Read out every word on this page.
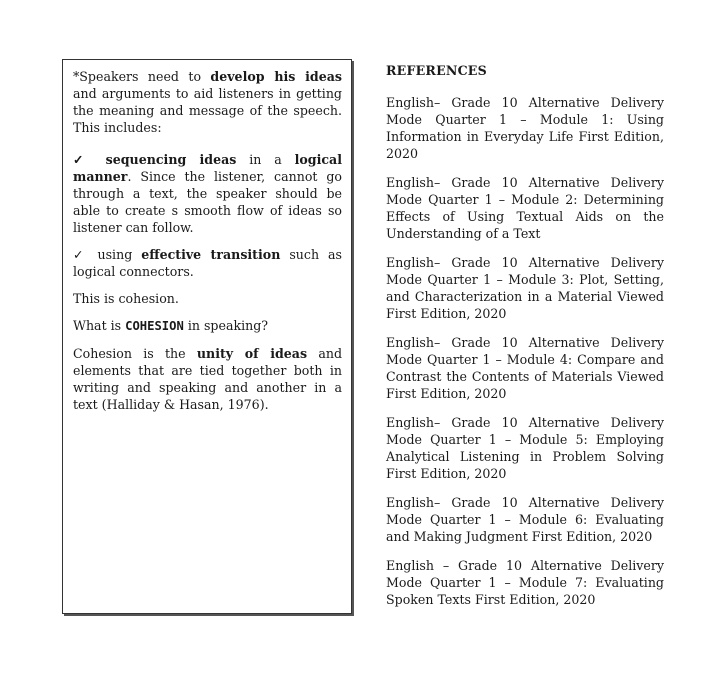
*Speakers need to develop his ideas and arguments to aid listeners in getting the meaning and message of the speech. This includes:

✓ sequencing ideas in a logical manner. Since the listener, cannot go through a text, the speaker should be able to create s smooth flow of ideas so listener can follow.

✓ using effective transition such as logical connectors.

This is cohesion.

What is COHESION in speaking?

Cohesion is the unity of ideas and elements that are tied together both in writing and speaking and another in a text (Halliday & Hasan, 1976).

REFERENCES

English– Grade 10 Alternative Delivery Mode Quarter 1 – Module 1: Using Information in Everyday Life First Edition, 2020

English– Grade 10 Alternative Delivery Mode Quarter 1 – Module 2: Determining Effects of Using Textual Aids on the Understanding of a Text

English– Grade 10 Alternative Delivery Mode Quarter 1 – Module 3: Plot, Setting, and Characterization in a Material Viewed First Edition, 2020

English– Grade 10 Alternative Delivery Mode Quarter 1 – Module 4: Compare and Contrast the Contents of Materials Viewed First Edition, 2020

English– Grade 10 Alternative Delivery Mode Quarter 1 – Module 5: Employing Analytical Listening in Problem Solving First Edition, 2020

English– Grade 10 Alternative Delivery Mode Quarter 1 – Module 6: Evaluating and Making Judgment First Edition, 2020

English – Grade 10 Alternative Delivery Mode Quarter 1 – Module 7: Evaluating Spoken Texts First Edition, 2020
